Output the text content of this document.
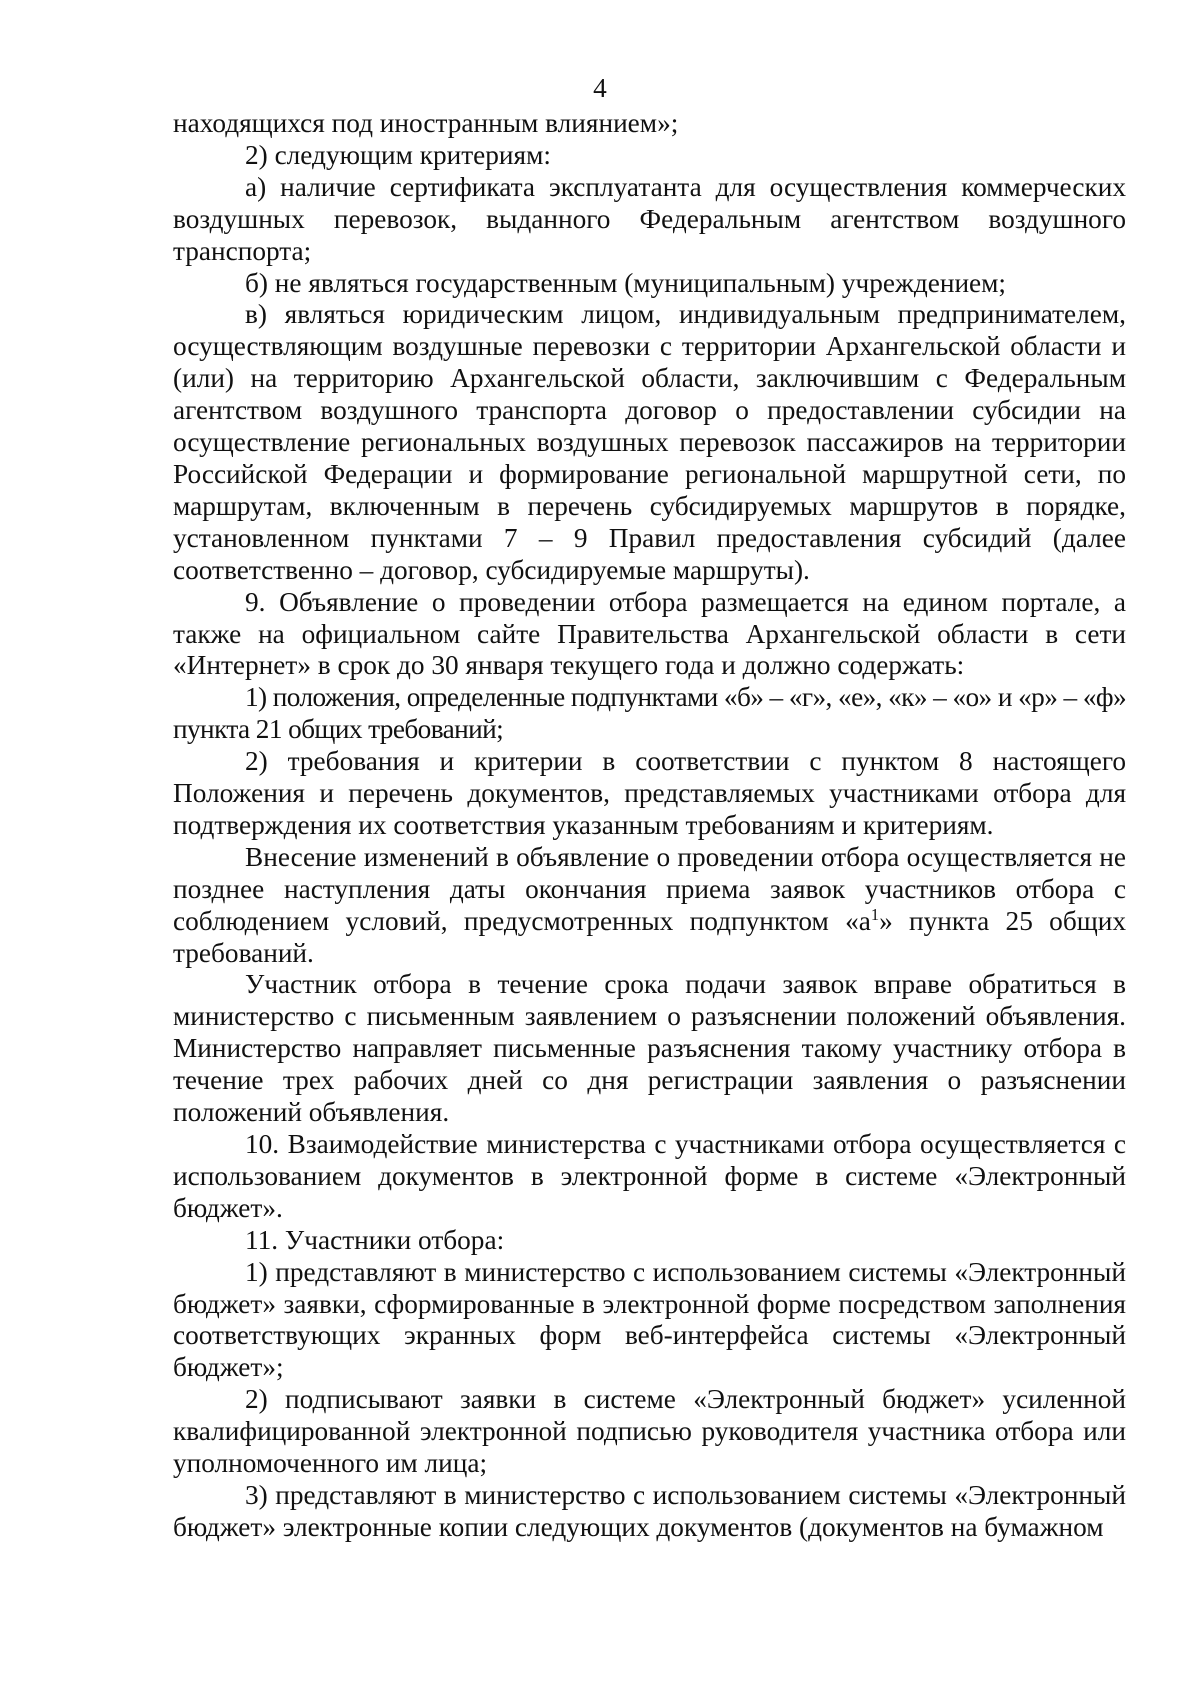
4

находящихся под иностранным влиянием»;

2) следующим критериям:

а) наличие сертификата эксплуатанта для осуществления коммерческих воздушных перевозок, выданного Федеральным агентством воздушного транспорта;

б) не являться государственным (муниципальным) учреждением;

в) являться юридическим лицом, индивидуальным предпринимателем, осуществляющим воздушные перевозки с территории Архангельской области и (или) на территорию Архангельской области, заключившим с Федеральным агентством воздушного транспорта договор о предоставлении субсидии на осуществление региональных воздушных перевозок пассажиров на территории Российской Федерации и формирование региональной маршрутной сети, по маршрутам, включенным в перечень субсидируемых маршрутов в порядке, установленном пунктами 7 – 9 Правил предоставления субсидий (далее соответственно – договор, субсидируемые маршруты).

9. Объявление о проведении отбора размещается на едином портале, а также на официальном сайте Правительства Архангельской области в сети «Интернет» в срок до 30 января текущего года и должно содержать:

1) положения, определенные подпунктами «б» – «г», «е», «к» – «о» и «р» – «ф» пункта 21 общих требований;

2) требования и критерии в соответствии с пунктом 8 настоящего Положения и перечень документов, представляемых участниками отбора для подтверждения их соответствия указанным требованиям и критериям.

Внесение изменений в объявление о проведении отбора осуществляется не позднее наступления даты окончания приема заявок участников отбора с соблюдением условий, предусмотренных подпунктом «$а^1$» пункта 25 общих требований.

Участник отбора в течение срока подачи заявок вправе обратиться в министерство с письменным заявлением о разъяснении положений объявления. Министерство направляет письменные разъяснения такому участнику отбора в течение трех рабочих дней со дня регистрации заявления о разъяснении положений объявления.

10. Взаимодействие министерства с участниками отбора осуществляется с использованием документов в электронной форме в системе «Электронный бюджет».

11. Участники отбора:

1) представляют в министерство с использованием системы «Электронный бюджет» заявки, сформированные в электронной форме посредством заполнения соответствующих экранных форм веб-интерфейса системы «Электронный бюджет»;

2) подписывают заявки в системе «Электронный бюджет» усиленной квалифицированной электронной подписью руководителя участника отбора или уполномоченного им лица;

3) представляют в министерство с использованием системы «Электронный бюджет» электронные копии следующих документов (документов на бумажном
